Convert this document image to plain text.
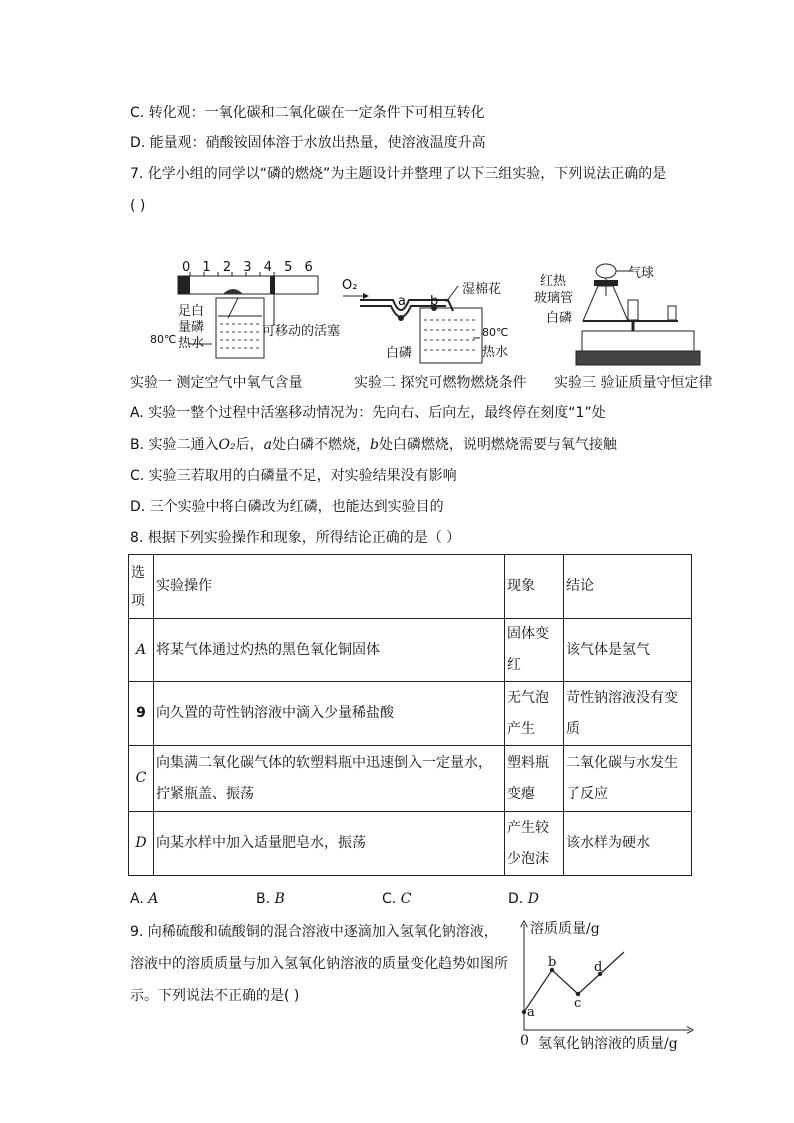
C. 转化观：一氧化碳和二氧化碳在一定条件下可相互转化
D. 能量观：硝酸铵固体溶于水放出热量，使溶液温度升高
7. 化学小组的同学以“磷的燃烧”为主题设计并整理了以下三组实验，下列说法正确的是
( )
0 1 2 3 4 5 6
足白
量磷
80℃ 热水
可移动的活塞
O₂
a b
湿棉花
白磷
80℃
热水
红热
玻璃管
气球
白磷
实验一 测定空气中氧气含量	实验二 探究可燃物燃烧条件 实验三 验证质量守恒定律
A. 实验一整个过程中活塞移动情况为：先向右、后向左，最终停在刻度“1”处
B. 实验二通入O₂后，a处白磷不燃烧，b处白磷燃烧，说明燃烧需要与氧气接触
C. 实验三若取用的白磷量不足，对实验结果没有影响
D. 三个实验中将白磷改为红磷，也能达到实验目的
8. 根据下列实验操作和现象，所得结论正确的是（ ）
选项	实验操作	现象	结论
A	将某气体通过灼热的黑色氧化铜固体	固体变红	该气体是氢气
9	向久置的苛性钠溶液中滴入少量稀盐酸	无气泡产生	苛性钠溶液没有变质
C	向集满二氧化碳气体的软塑料瓶中迅速倒入一定量水，拧紧瓶盖、振荡	塑料瓶变瘪	二氧化碳与水发生了反应
D	向某水样中加入适量肥皂水，振荡	产生较少泡沫	该水样为硬水
A. A	B. B	C. C	D. D
9. 向稀硫酸和硫酸铜的混合溶液中逐滴加入氢氧化钠溶液，
溶液中的溶质质量与加入氢氧化钠溶液的质量变化趋势如图所
示。下列说法不正确的是( )
溶质质量/g
氢氧化钠溶液的质量/g
0
a
b
c
d
